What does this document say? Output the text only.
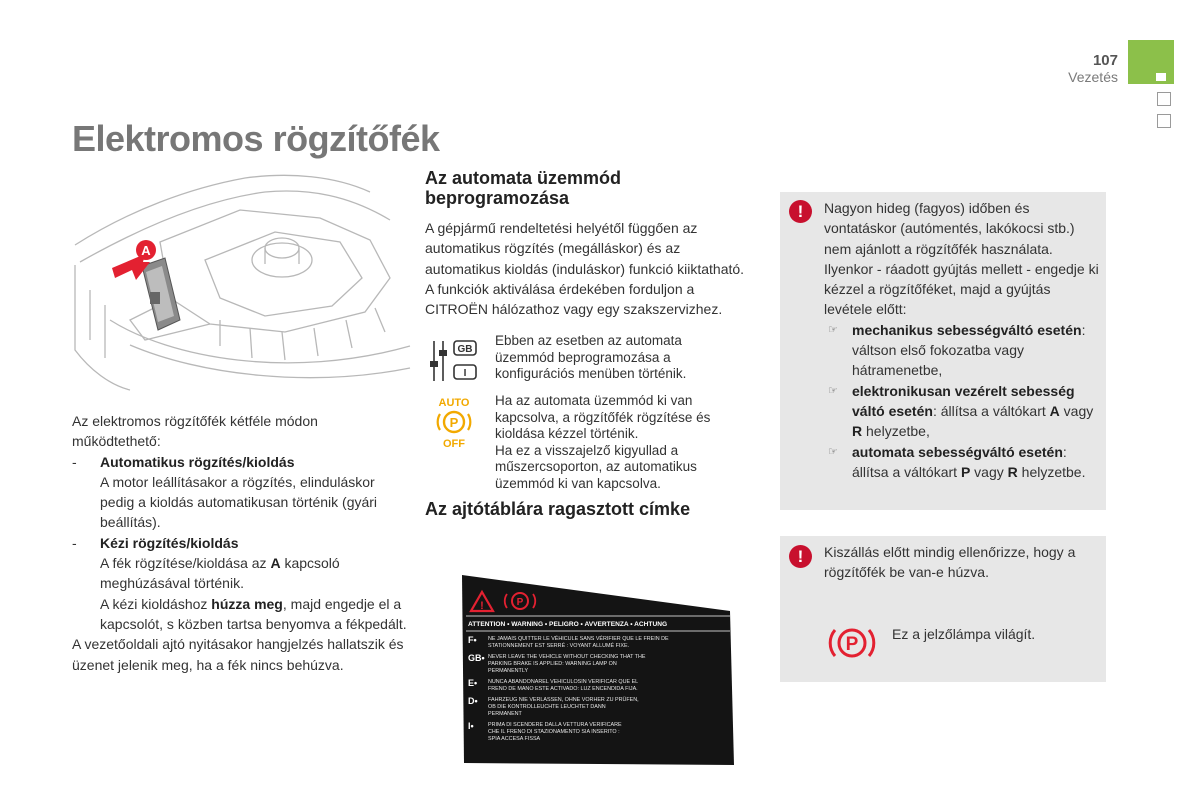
107
Vezetés
Elektromos rögzítőfék
A

Az elektromos rögzítőfék kétféle módon működtethető:

- Automatikus rögzítés/kioldás

A motor leállításakor a rögzítés, elinduláskor pedig a kioldás automatikusan történik (gyári beállítás).

- Kézi rögzítés/kioldás

A fék rögzítése/kioldása az A kapcsoló meghúzásával történik.

A kézi kioldáshoz húzza meg, majd engedje el a kapcsolót, s közben tartsa benyomva a fékpedált.

A vezetőoldali ajtó nyitásakor hangjelzés hallatszik és üzenet jelenik meg, ha a fék nincs behúzva.

Az automata üzemmód beprogramozása

A gépjármű rendeltetési helyétől függően az automatikus rögzítés (megálláskor) és az automatikus kioldás (induláskor) funkció kiiktatható.

A funkciók aktiválása érdekében forduljon a CITROËN hálózathoz vagy egy szakszervizhez.

GB
I

Ebben az esetben az automata üzemmód beprogramozása a konfigurációs menüben történik.

AUTO
P
OFF

Ha az automata üzemmód ki van kapcsolva, a rögzítőfék rögzítése és kioldása kézzel történik.

Ha ez a visszajelző kigyullad a műszercsoporton, az automatikus üzemmód ki van kapcsolva.

Az ajtótáblára ragasztott címke
!	P
ATTENTION • WARNING • PELIGRO • AVVERTENZA • ACHTUNG
F• NE JAMAIS QUITTER LE VÉHICULE SANS VÉRIFIER QUE LE FREIN DE
STATIONNEMENT EST SERRÉ : VOYANT ALLUMÉ FIXE.
GB• NEVER LEAVE THE VEHICLE WITHOUT CHECKING THAT THE
PARKING BRAKE IS APPLIED: WARNING LAMP ON
PERMANENTLY
E• NUNCA ABANDONAREL VEHICULOSIN VERIFICAR QUE EL
FRENO DE MANO ESTE ACTIVADO: LUZ ENCENDIDA FIJA.
D• FAHRZEUG NIE VERLASSEN, OHNE VORHER ZU PRÜFEN,
OB DIE KONTROLLEUCHTE LEUCHTET DANN
PERMANENT
I•	PRIMA DI SCENDERE DALLA VETTURA VERIFICARE
CHE IL FRENO DI STAZIONAMENTO SIA INSERITO :
SPIA ACCESA FISSA
!	Nagyon hideg (fagyos) időben és vontatáskor (autómentés, lakókocsi stb.) nem ajánlott a rögzítőfék használata. Ilyenkor - ráadott gyújtás mellett - engedje ki kézzel a rögzítőféket, majd a gyújtás levétele előtt:

☞ mechanikus sebességváltó esetén: váltson első fokozatba vagy hátramenetbe,

☞ elektronikusan vezérelt sebesség váltó esetén: állítsa a váltókart A vagy R helyzetbe,

☞ automata sebességváltó esetén: állítsa a váltókart P vagy R helyzetbe.

!	Kiszállás előtt mindig ellenőrizze, hogy a rögzítőfék be van-e húzva.

P Ez a jelzőlámpa világít.
